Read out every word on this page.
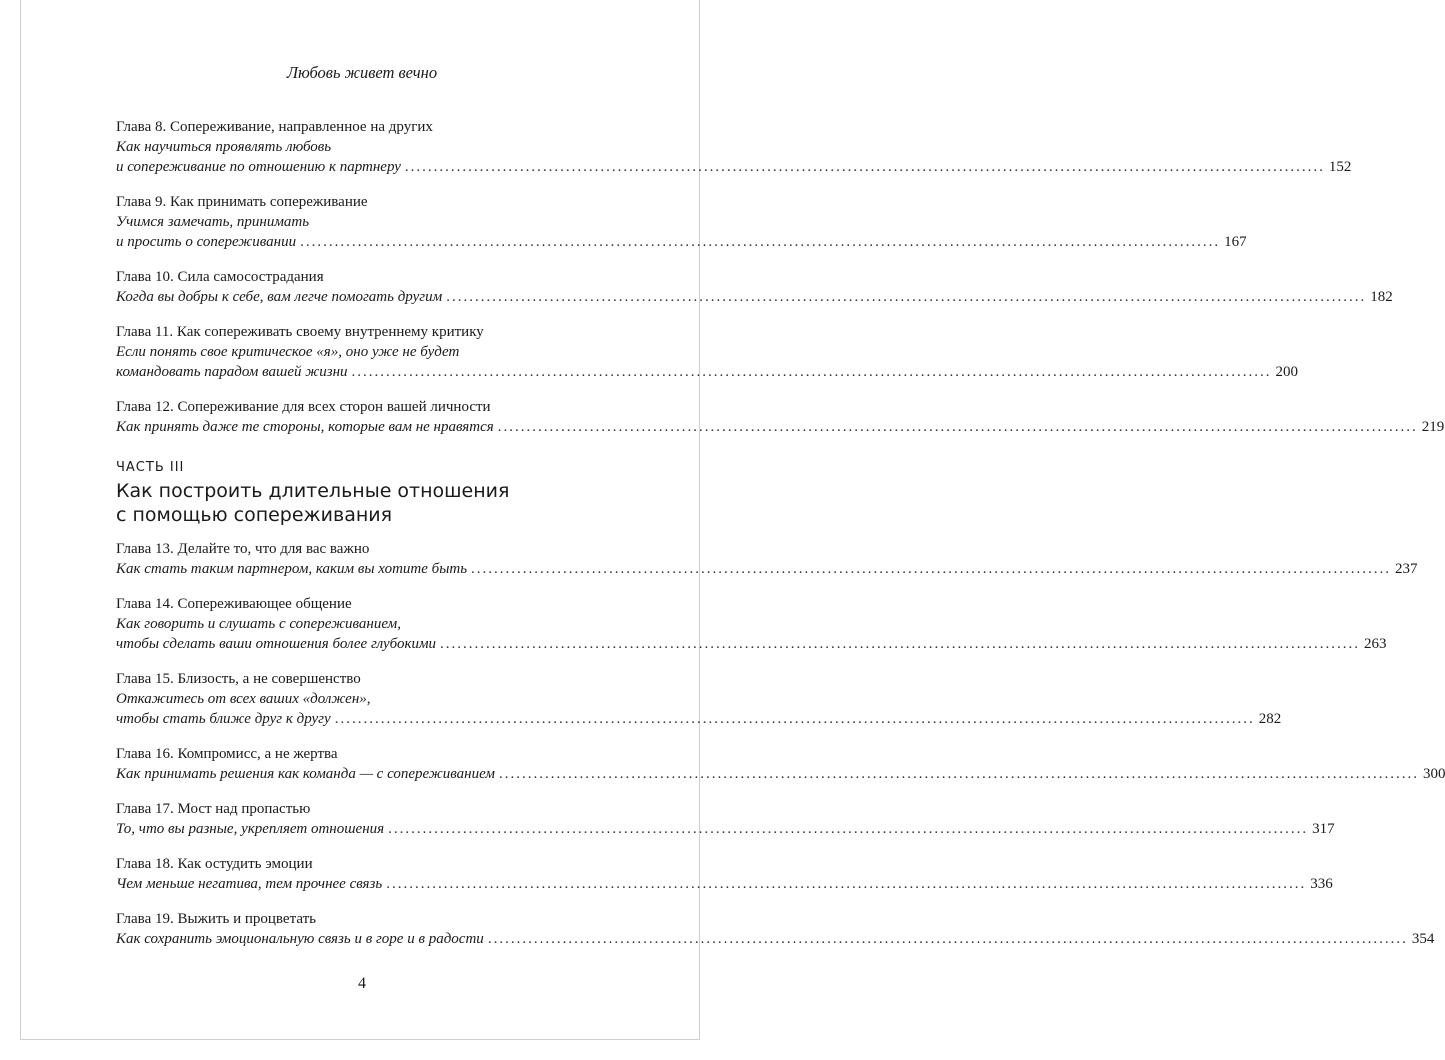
Любовь живет вечно
Глава 8. Сопереживание, направленное на других
Как научиться проявлять любовь
и сопереживание по отношению к партнеру ................................................................................................................................................................ 152
Глава 9. Как принимать сопереживание
Учимся замечать, принимать
и просить о сопереживании ................................................................................................................................................................ 167
Глава 10. Сила самосострадания
Когда вы добры к себе, вам легче помогать другим ................................................................................................................................................................ 182
Глава 11. Как сопереживать своему внутреннему критику
Если понять свое критическое «я», оно уже не будет
командовать парадом вашей жизни ................................................................................................................................................................ 200
Глава 12. Сопереживание для всех сторон вашей личности
Как принять даже те стороны, которые вам не нравятся ................................................................................................................................................................ 219
ЧАСТЬ III
Как построить длительные отношения
с помощью сопереживания
Глава 13. Делайте то, что для вас важно
Как стать таким партнером, каким вы хотите быть ................................................................................................................................................................ 237
Глава 14. Сопереживающее общение
Как говорить и слушать с сопереживанием,
чтобы сделать ваши отношения более глубокими ................................................................................................................................................................ 263
Глава 15. Близость, а не совершенство
Откажитесь от всех ваших «должен»,
чтобы стать ближе друг к другу ................................................................................................................................................................ 282
Глава 16. Компромисс, а не жертва
Как принимать решения как команда — с сопереживанием ................................................................................................................................................................ 300
Глава 17. Мост над пропастью
То, что вы разные, укрепляет отношения ................................................................................................................................................................ 317
Глава 18. Как остудить эмоции
Чем меньше негатива, тем прочнее связь ................................................................................................................................................................ 336
Глава 19. Выжить и процветать
Как сохранить эмоциональную связь и в горе и в радости ................................................................................................................................................................ 354
4
